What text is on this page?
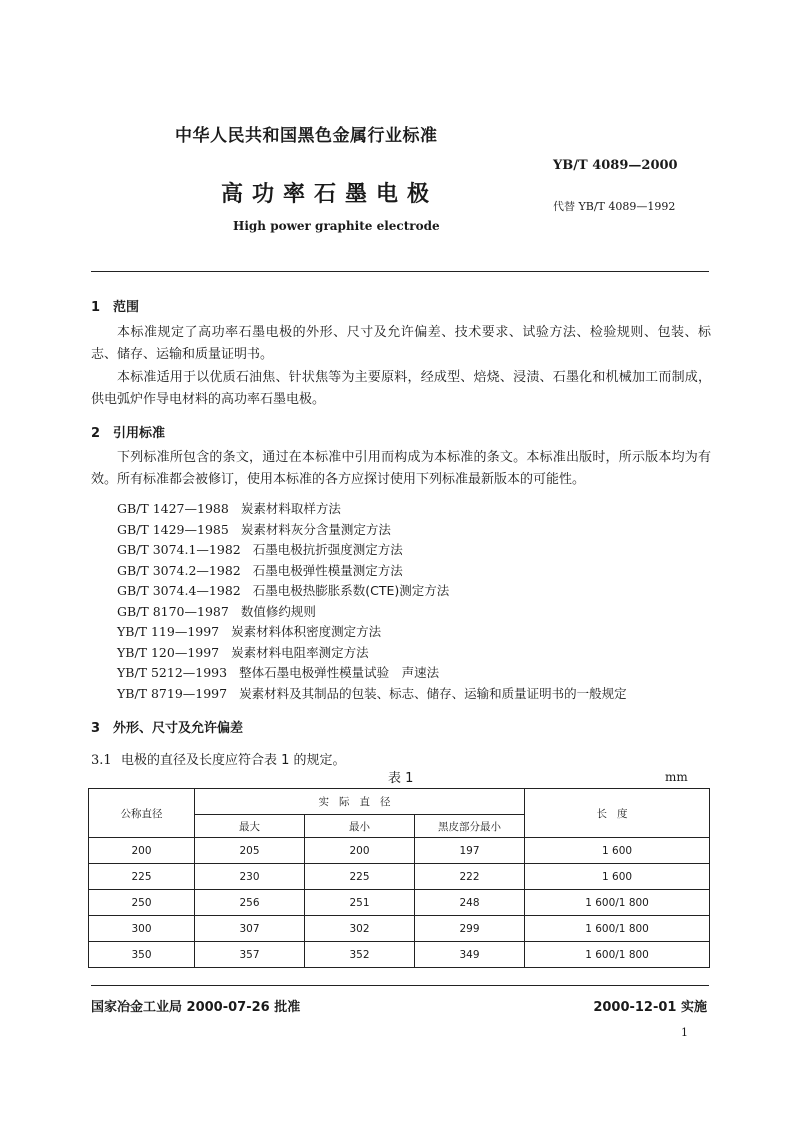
中华人民共和国黑色金属行业标准
YB/T 4089—2000
高功率石墨电极	代替 YB/T 4089—1992
High power graphite electrode
1 范围
本标准规定了高功率石墨电极的外形、尺寸及允许偏差、技术要求、试验方法、检验规则、包装、标志、储存、运输和质量证明书。
本标准适用于以优质石油焦、针状焦等为主要原料，经成型、焙烧、浸渍、石墨化和机械加工而制成，供电弧炉作导电材料的高功率石墨电极。
2 引用标准
下列标准所包含的条文，通过在本标准中引用而构成为本标准的条文。本标准出版时，所示版本均为有效。所有标准都会被修订，使用本标准的各方应探讨使用下列标准最新版本的可能性。
GB/T 1427—1988 炭素材料取样方法
GB/T 1429—1985 炭素材料灰分含量测定方法
GB/T 3074.1—1982 石墨电极抗折强度测定方法
GB/T 3074.2—1982 石墨电极弹性模量测定方法
GB/T 3074.4—1982 石墨电极热膨胀系数(CTE)测定方法
GB/T 8170—1987 数值修约规则
YB/T 119—1997 炭素材料体积密度测定方法
YB/T 120—1997 炭素材料电阻率测定方法
YB/T 5212—1993 整体石墨电极弹性模量试验　声速法
YB/T 8719—1997 炭素材料及其制品的包装、标志、储存、运输和质量证明书的一般规定
3 外形、尺寸及允许偏差
3.1 电极的直径及长度应符合表 1 的规定。
表 1	mm
公称直径	实际直径			长度
	最大	最小	黑皮部分最小	
200	205	200	197	1 600
225	230	225	222	1 600
250	256	251	248	1 600/1 800
300	307	302	299	1 600/1 800
350	357	352	349	1 600/1 800
国家冶金工业局 2000-07-26 批准	2000-12-01 实施
1
